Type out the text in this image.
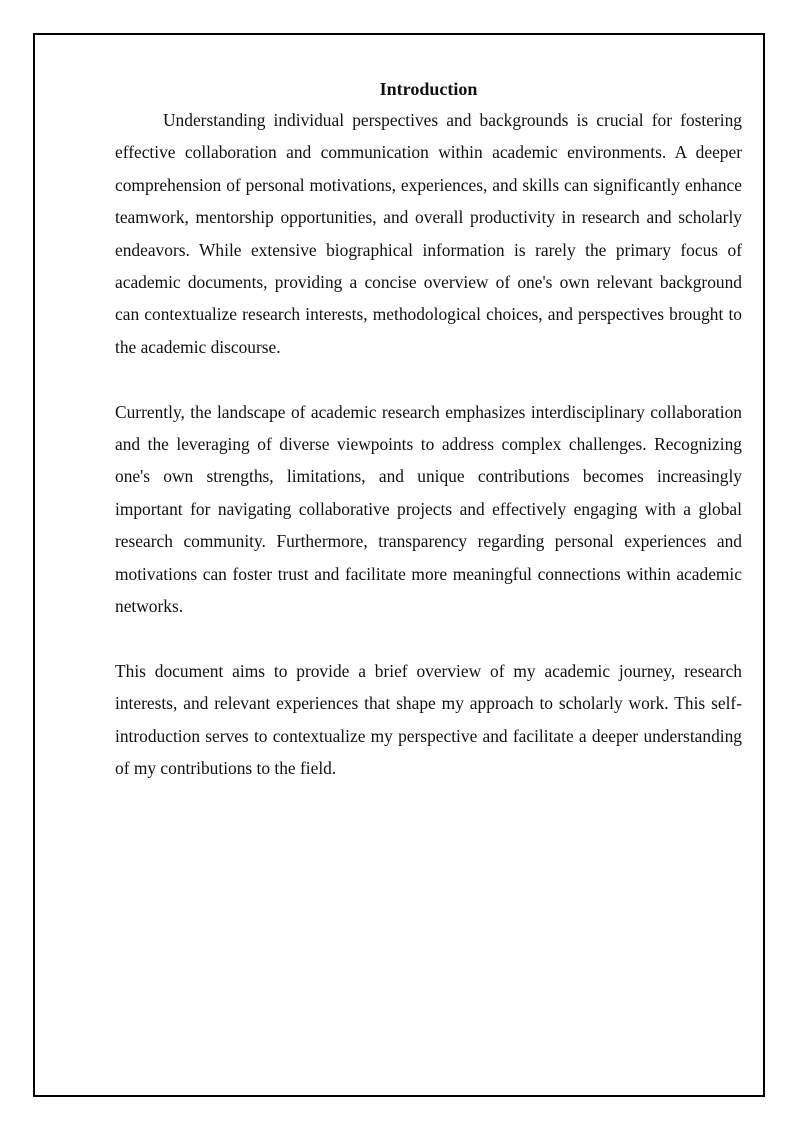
Introduction

Understanding individual perspectives and backgrounds is crucial for fostering effective collaboration and communication within academic environments. A deeper comprehension of personal motivations, experiences, and skills can significantly enhance teamwork, mentorship opportunities, and overall productivity in research and scholarly endeavors. While extensive biographical information is rarely the primary focus of academic documents, providing a concise overview of one's own relevant background can contextualize research interests, methodological choices, and perspectives brought to the academic discourse.

Currently, the landscape of academic research emphasizes interdisciplinary collaboration and the leveraging of diverse viewpoints to address complex challenges. Recognizing one's own strengths, limitations, and unique contributions becomes increasingly important for navigating collaborative projects and effectively engaging with a global research community. Furthermore, transparency regarding personal experiences and motivations can foster trust and facilitate more meaningful connections within academic networks.

This document aims to provide a brief overview of my academic journey, research interests, and relevant experiences that shape my approach to scholarly work. This self-introduction serves to contextualize my perspective and facilitate a deeper understanding of my contributions to the field.
